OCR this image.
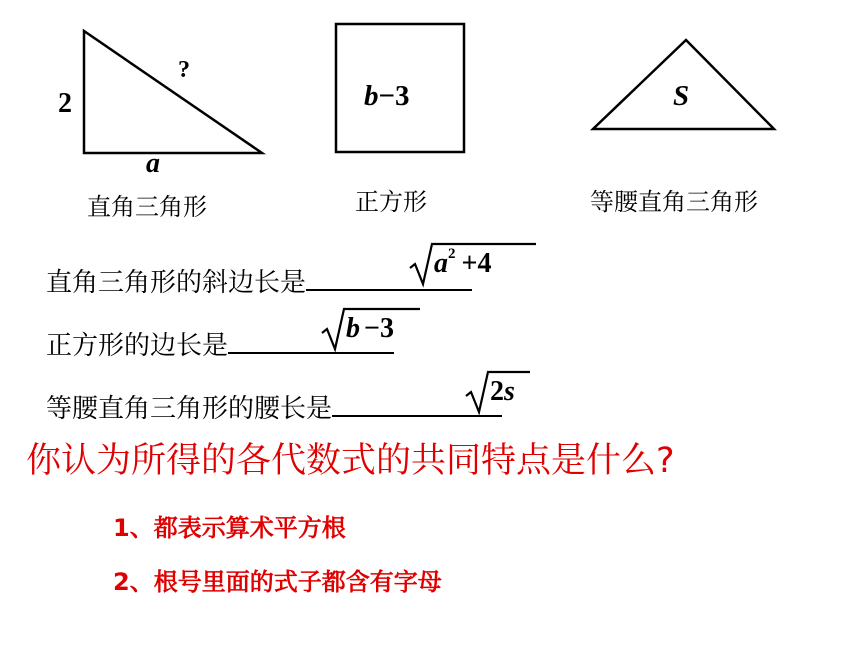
2
?
a
直角三角形
b−3
正方形
S
等腰直角三角形
直角三角形的斜边长是
正方形的边长是
等腰直角三角形的腰长是
$a^2 +4$
b −3
2s
你认为所得的各代数式的共同特点是什么?
1、都表示算术平方根
2、根号里面的式子都含有字母
